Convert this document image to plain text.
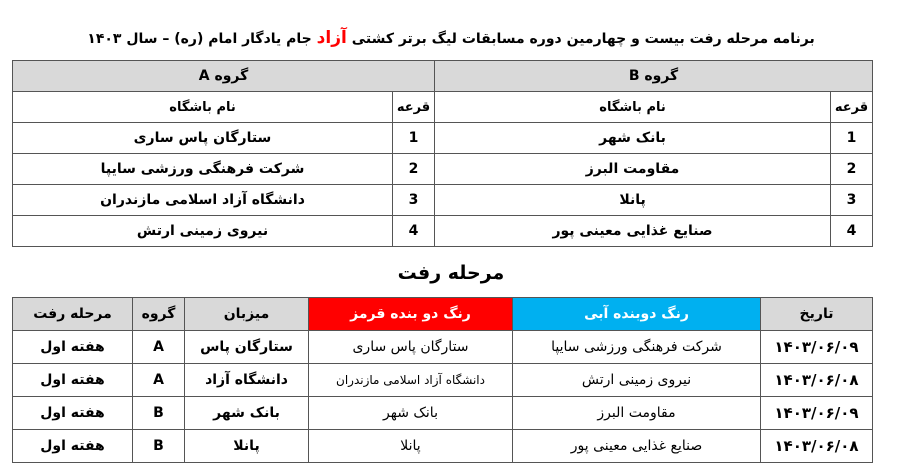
برنامه مرحله رفت بیست و چهارمین دوره مسابقات لیگ برتر کشتی آزاد جام یادگار امام (ره) – سال ۱۴۰۳
گروه B		گروه A	
قرعه	نام باشگاه		قرعه	نام باشگاه
1	بانک شهر		1	ستارگان پاس ساری
2	مقاومت البرز		2	شرکت فرهنگی ورزشی سایپا
3	پانلا		3	دانشگاه آزاد اسلامی مازندران
4	صنایع غذایی معینی پور		4	نیروی زمینی ارتش
مرحله رفت
تاریخ	رنگ دوبنده آبی	رنگ دو بنده قرمز	میزبان	گروه	مرحله رفت
۱۴۰۳/۰۶/۰۹	شرکت فرهنگی ورزشی سایپا	ستارگان پاس ساری	ستارگان پاس	A	هفته اول
۱۴۰۳/۰۶/۰۸	نیروی زمینی ارتش	دانشگاه آزاد اسلامی مازندران	دانشگاه آزاد	A	هفته اول
۱۴۰۳/۰۶/۰۹	مقاومت البرز	بانک شهر	بانک شهر	B	هفته اول
۱۴۰۳/۰۶/۰۸	صنایع غذایی معینی پور	پانلا	پانلا	B	هفته اول
